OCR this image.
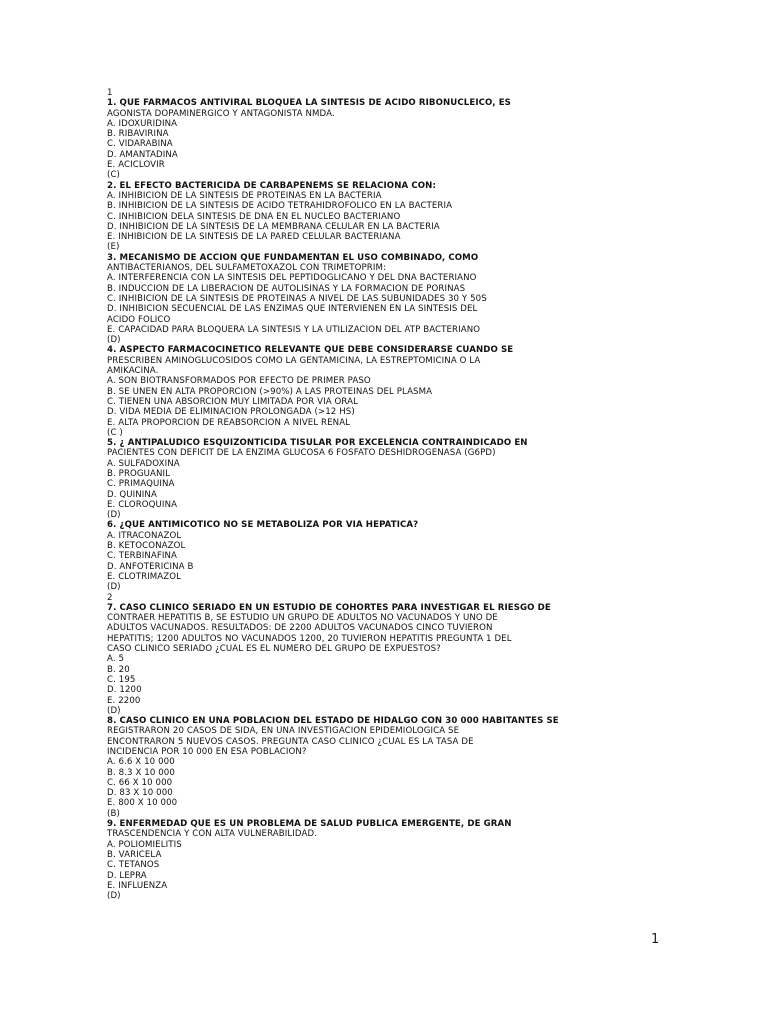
1
1. QUE FÁRMACOS ANTIVIRAL BLOQUEA LA SÍNTESIS DE ÁCIDO RIBONUCLEICO, ES
AGONISTA DOPAMINÉRGICO Y ANTAGONISTA NMDA.
A. IDOXURIDINA
B. RIBAVIRINA
C. VIDARABINA
D. AMANTADINA
E. ACICLOVIR
(C)
2. EL EFECTO BACTERICIDA DE CARBAPENEMS SE RELACIONA CON:
A. INHIBICION DE LA SINTESIS DE PROTEINAS EN LA BACTERIA
B. INHIBICION DE LA SINTESIS DE ACIDO TETRAHIDROFOLICO EN LA BACTERIA
C. INHIBICION DELA SINTESIS DE DNA EN EL NUCLEO BACTERIANO
D. INHIBICION DE LA SINTESIS DE LA MEMBRANA CELULAR EN LA BACTERIA
E. INHIBICION DE LA SINTESIS DE LA PARED CELULAR BACTERIANA
(E)
3. MECANISMO DE ACCIÓN QUE FUNDAMENTAN EL USO COMBINADO, COMO
ANTIBACTERIANOS, DEL SULFAMETOXAZOL CON TRIMETOPRIM:
A. INTERFERENCIA CON LA SÍNTESIS DEL PEPTIDOGLICANO Y DEL DNA BACTERIANO
B. INDUCCIÓN DE LA LIBERACIÓN DE AUTOLISINAS Y LA FORMACIÓN DE PORINAS
C. INHIBICIÓN DE LA SÍNTESIS DE PROTEINAS A NIVEL DE LAS SUBUNIDADES 30 Y 50S
D. INHIBICIÓN SECUENCIAL DE LAS ENZIMAS QUE INTERVIENEN EN LA SINTESIS DEL
ÁCIDO FÓLICO
E. CAPACIDAD PARA BLOQUERA LA SÍNTESIS Y LA UTILIZACIÓN DEL ATP BACTERIANO
(D)
4. ASPECTO FARMACOCINETICO RELEVANTE QUE DEBE CONSIDERARSE CUANDO SE
PRESCRIBEN AMINOGLUCÓSIDOS COMO LA GENTAMICINA, LA ESTREPTOMICINA O LA
AMIKACINA.
A. SON BIOTRANSFORMADOS POR EFECTO DE PRIMER PASO
B. SE UNEN EN ALTA PROPORCIÓN (>90%) A LAS PROTEÍNAS DEL PLÁSMA
C. TIENEN UNA ABSORCIÓN MUY LIMITADA POR VÍA ORAL
D. VIDA MEDIA DE ELIMINACIÓN PROLONGADA (>12 HS)
E. ALTA PROPORCIÓN DE REABSORCIÓN A NIVEL RENAL
(C )
5. ¿ ANTIPALUDICO ESQUIZONTICIDA TISULAR POR EXCELENCIA CONTRAINDICADO EN
PACIENTES CON DEFICIT DE LA ENZIMA GLUCOSA 6 FOSFATO DESHIDROGENASA (G6PD)
A. SULFADOXINA
B. PROGUANIL
C. PRIMAQUINA
D. QUININA
E. CLOROQUINA
(D)
6. ¿QUE ANTIMICÓTICO NO SE METABOLIZA POR VÍA HEPÁTICA?
A. ITRACONAZOL
B. KETOCONAZOL
C. TERBINAFINA
D. ANFOTERICINA B
E. CLOTRIMAZOL
(D)
2
7. CASO CLÍNICO SERIADO EN UN ESTUDIO DE COHORTES PARA INVESTIGAR EL RIESGO DE
CONTRAER HEPATITIS B, SE ESTUDIÓ UN GRUPO DE ADULTOS NO VACUNADOS Y UNO DE
ADULTOS VACUNADOS. RESULTADOS: DE 2200 ADULTOS VACUNADOS CINCO TUVIERON
HEPATITIS; 1200 ADULTOS NO VACUNADOS 1200, 20 TUVIERON HEPATITIS PREGUNTA 1 DEL
CASO CLÍNICO SERIADO ¿CUAL ES EL NÚMERO DEL GRUPO DE EXPUESTOS?
A. 5
B. 20
C. 195
D. 1200
E. 2200
(D)
8. CASO CLÍNICO EN UNA POBLACIÓN DEL ESTADO DE HIDALGO CON 30 000 HABITANTES SE
REGISTRARON 20 CASOS DE SIDA, EN UNA INVESTIGACIÓN EPIDEMIOLÓGICA SE
ENCONTRARON 5 NUEVOS CASOS. PREGUNTA CASO CLINICO ¿CUAL ES LA TASA DE
INCIDENCIA POR 10 000 EN ESA POBLACIÓN?
A. 6.6 X 10 000
B. 8.3 X 10 000
C. 66 X 10 000
D. 83 X 10 000
E. 800 X 10 000
(B)
9. ENFERMEDAD QUE ES UN PROBLEMA DE SALUD PÚBLICA EMERGENTE, DE GRAN
TRASCENDENCIA Y CON ALTA VULNERABILIDAD.
A. POLIOMIELITIS
B. VARICELA
C. TÉTANOS
D. LEPRA
E. INFLUENZA
(D)
1
